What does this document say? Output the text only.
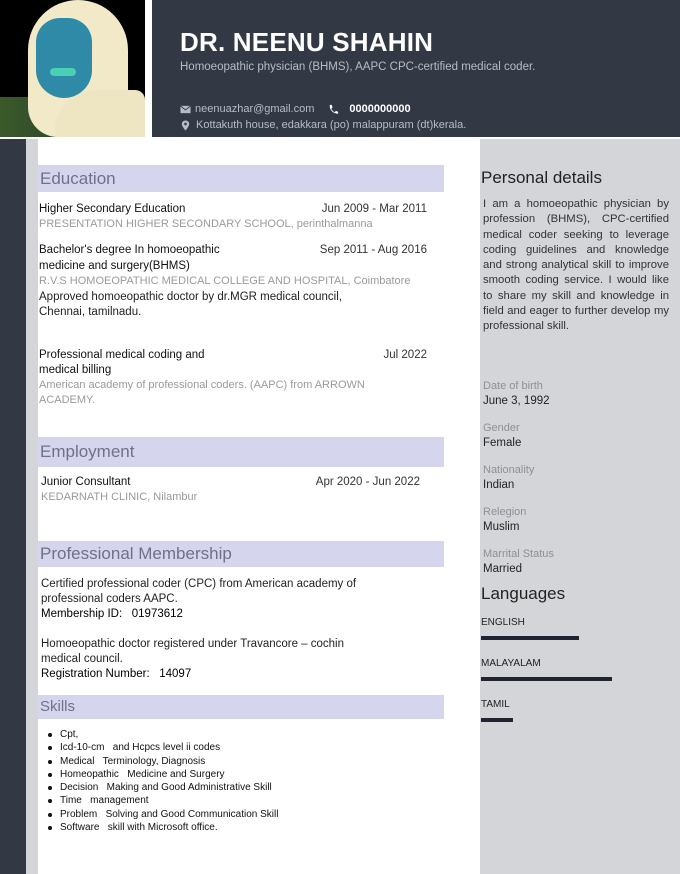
DR. NEENU SHAHIN
Homoeopathic physician (BHMS), AAPC CPC-certified medical coder.
neenuazhar@gmail.com	0000000000
Kottakuth house, edakkara (po) malappuram (dt)kerala.
Education
Higher Secondary Education	Jun 2009 - Mar 2011
PRESENTATION HIGHER SECONDARY SCHOOL, perinthalmanna
Bachelor's degree In homoeopathic
medicine and surgery(BHMS)
Sep 2011 - Aug 2016
R.V.S HOMOEOPATHIC MEDICAL COLLEGE AND HOSPITAL, Coimbatore
Approved homoeopathic doctor by dr.MGR medical council,
Chennai, tamilnadu.
Professional medical coding and
medical billing
Jul 2022
American academy of professional coders. (AAPC) from ARROWN
ACADEMY.
Employment
Junior Consultant	Apr 2020 - Jun 2022
KEDARNATH CLINIC, Nilambur
Professional Membership
Certified professional coder (CPC) from American academy of
professional coders AAPC.
Membership ID: 01973612
Homoeopathic doctor registered under Travancore – cochin
medical council.
Registration Number: 14097
Skills
Cpt,
Icd-10-cm   and Hcpcs level ii codes
Medical   Terminology, Diagnosis
Homeopathic   Medicine and Surgery
Decision   Making and Good Administrative Skill
Time   management
Problem   Solving and Good Communication Skill
Software   skill with Microsoft office.
Personal details
I am a homoeopathic physician by profession (BHMS), CPC-certified medical coder seeking to leverage coding guidelines and knowledge and strong analytical skill to improve smooth coding service. I would like to share my skill and knowledge in field and eager to further develop my professional skill.
Date of birth
June 3, 1992
Gender
Female
Nationality
Indian
Relegion
Muslim
Marrital Status
Married
Languages
ENGLISH
MALAYALAM
TAMIL
